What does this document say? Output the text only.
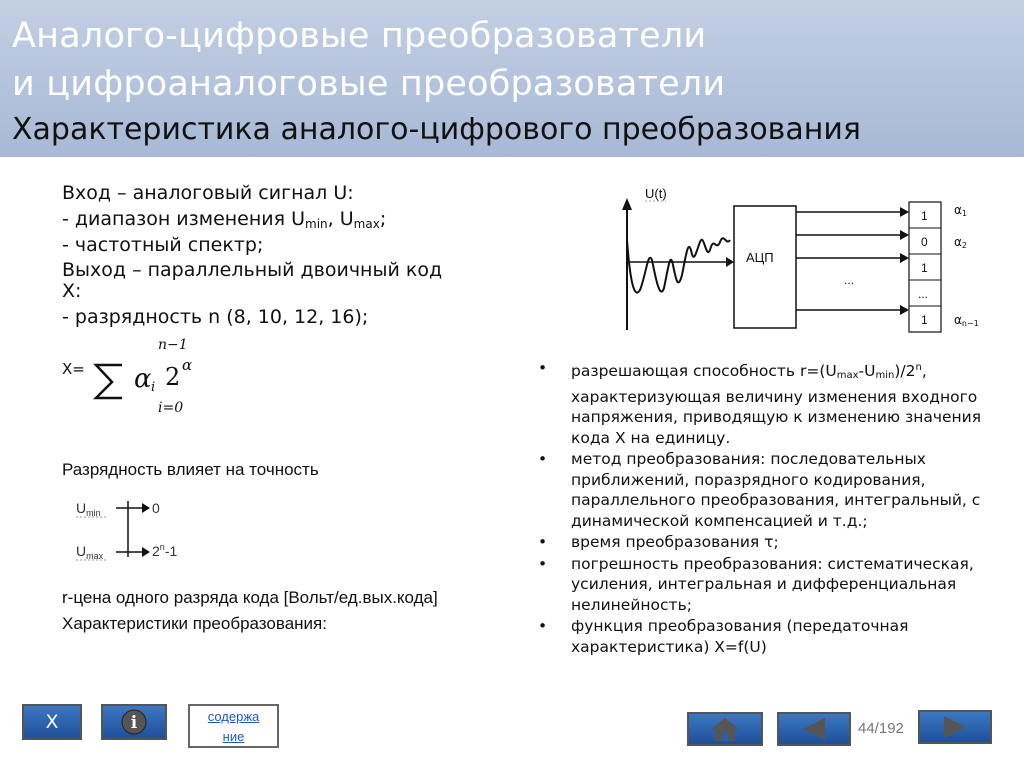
Аналого-цифровые преобразователи
и цифроаналоговые преобразователи
Характеристика аналого-цифрового преобразования
Вход – аналоговый сигнал U:
- диапазон изменения $U_{min}$, $U_{max}$;
- частотный спектр;
Выход – параллельный двоичный код
Х:
- разрядность n (8, 10, 12, 16);
X=
n−1
i=0
α i 2 α
Разрядность влияет на точность
$U_{min}$	0
$U_{max}$	2$^n$-1
r-цена одного разряда кода [Вольт/ед.вых.кода]
Характеристики преобразования:
U(t)
АЦП
...
1
0
1
...
1
α1
α2
αn−1
• разрешающая способность $r=(U_{max}-U_{min})/2^n$, характеризующая величину изменения входного напряжения, приводящую к изменению значения кода Х на единицу.
• метод преобразования: последовательных приближений, поразрядного кодирования, параллельного преобразования, интегральный, с динамической компенсацией и т.д.;
• время преобразования τ;
• погрешность преобразования: систематическая, усиления, интегральная и дифференциальная нелинейность;
• функция преобразования (передаточная характеристика) X=f(U)
X	i	содержа
ние	44/192
